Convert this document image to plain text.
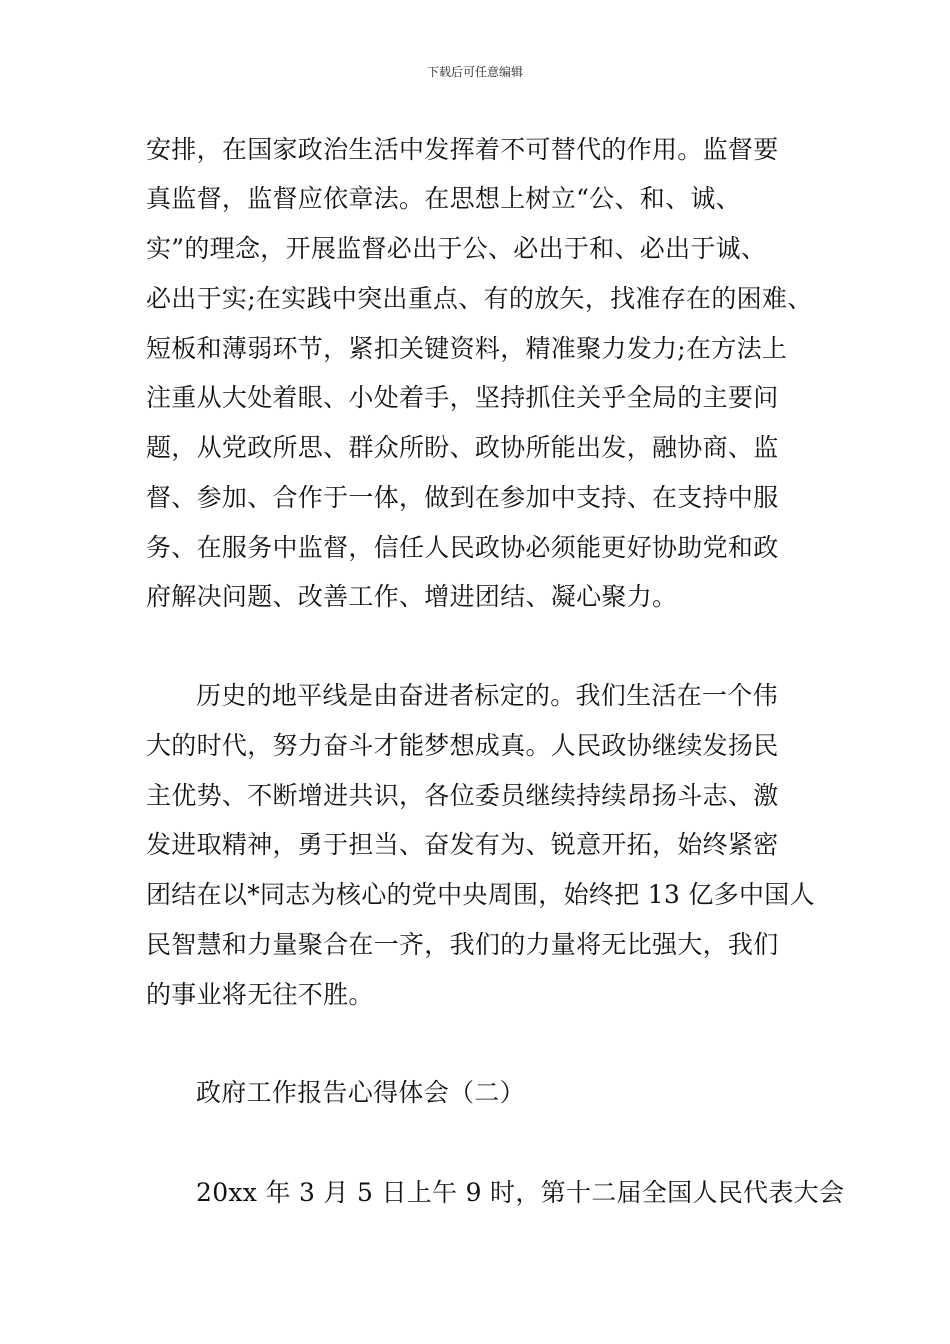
下载后可任意编辑
安排，在国家政治生活中发挥着不可替代的作用。监督要
真监督，监督应依章法。在思想上树立“公、和、诚、
实”的理念，开展监督必出于公、必出于和、必出于诚、
必出于实;在实践中突出重点、有的放矢，找准存在的困难、
短板和薄弱环节，紧扣关键资料，精准聚力发力;在方法上
注重从大处着眼、小处着手，坚持抓住关乎全局的主要问
题，从党政所思、群众所盼、政协所能出发，融协商、监
督、参加、合作于一体，做到在参加中支持、在支持中服
务、在服务中监督，信任人民政协必须能更好协助党和政
府解决问题、改善工作、增进团结、凝心聚力。
历史的地平线是由奋进者标定的。我们生活在一个伟
大的时代，努力奋斗才能梦想成真。人民政协继续发扬民
主优势、不断增进共识，各位委员继续持续昂扬斗志、激
发进取精神，勇于担当、奋发有为、锐意开拓，始终紧密
团结在以*同志为核心的党中央周围，始终把 13 亿多中国人
民智慧和力量聚合在一齐，我们的力量将无比强大，我们
的事业将无往不胜。
政府工作报告心得体会（二）
20xx 年 3 月 5 日上午 9 时，第十二届全国人民代表大会
